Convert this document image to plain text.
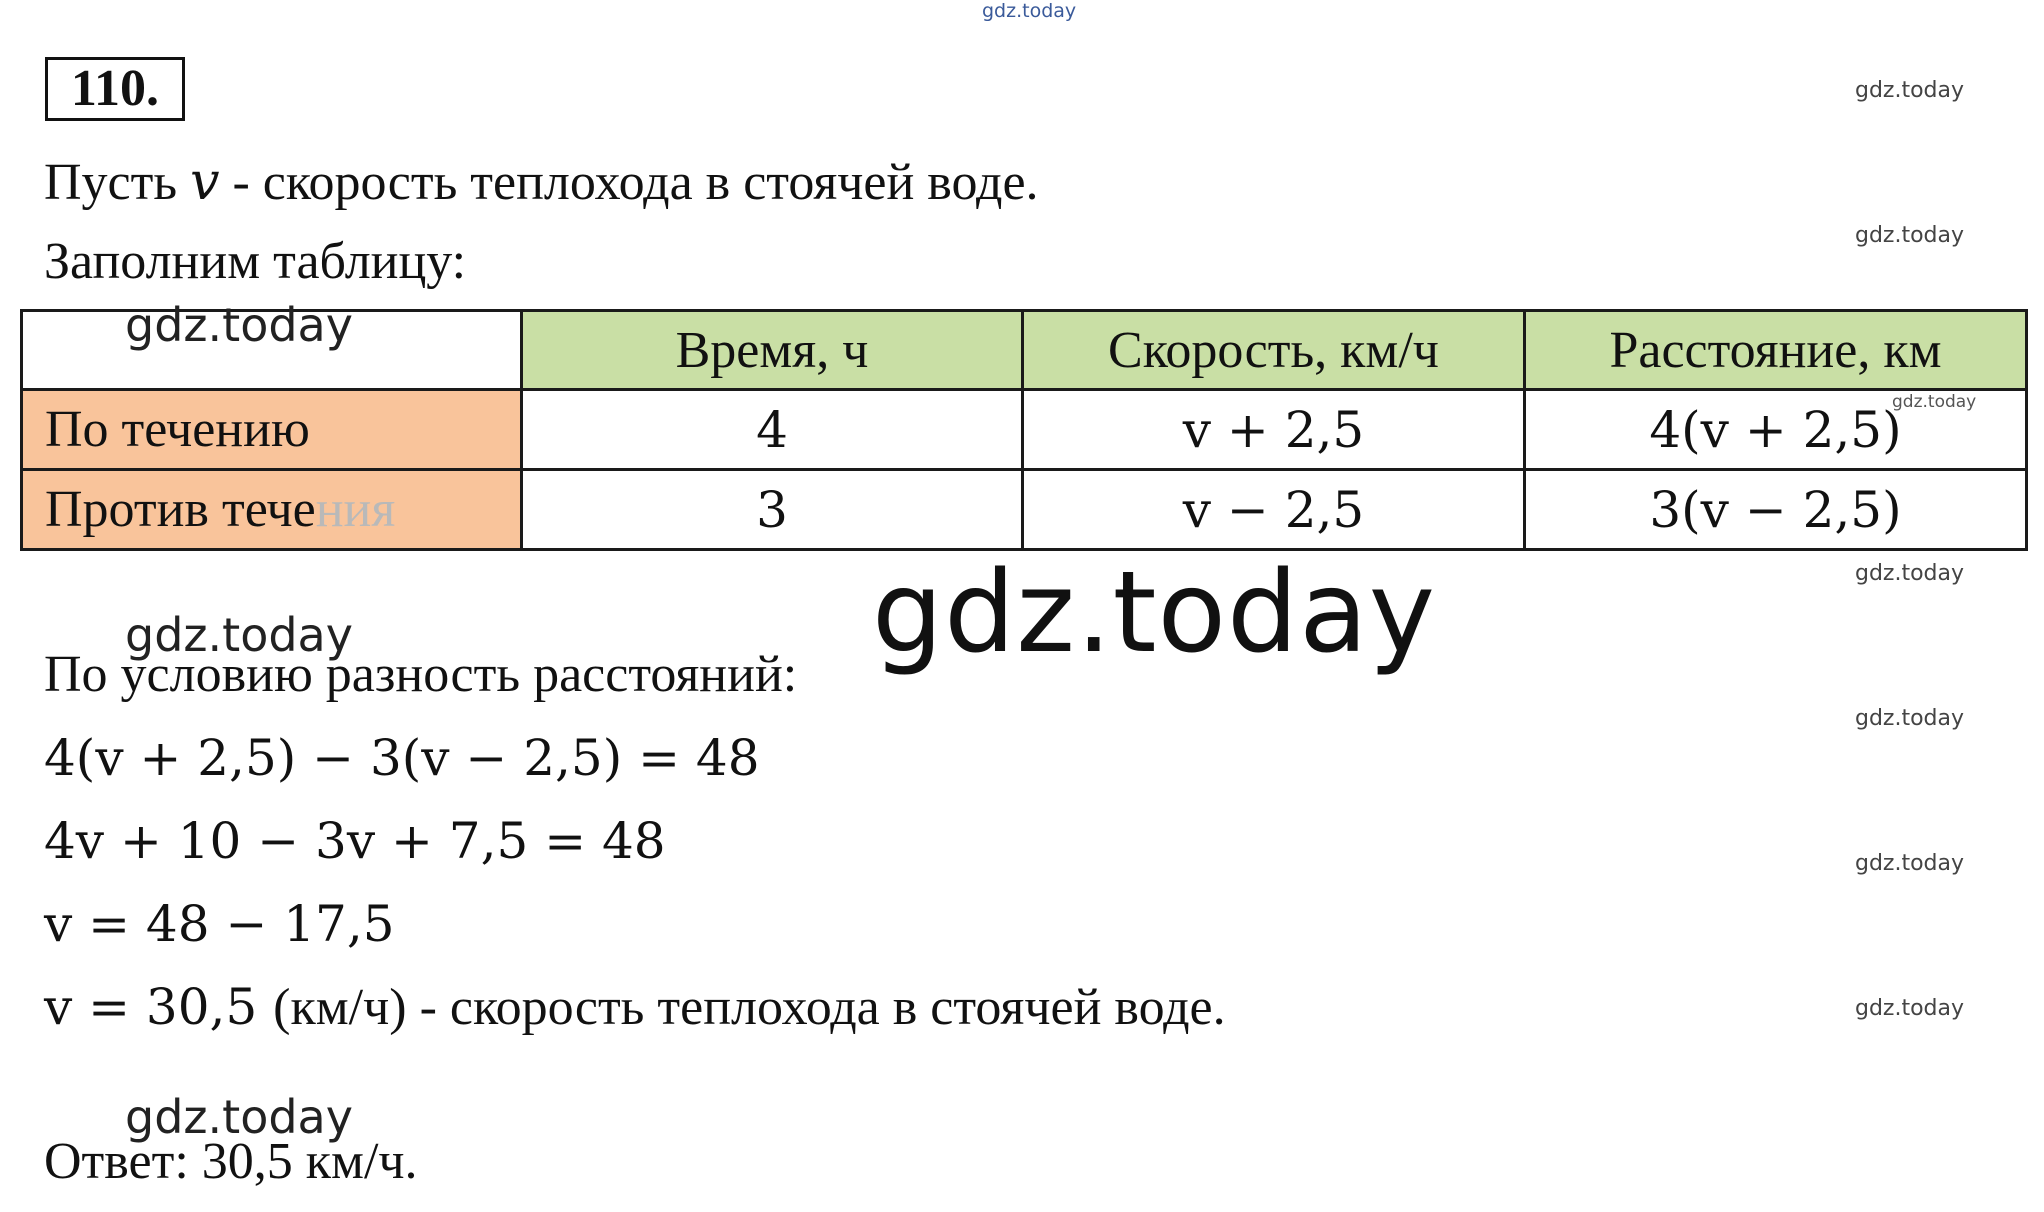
gdz.today
gdz.today
gdz.today
gdz.today
gdz.today
gdz.today
gdz.today
gdz.today
110.
Пусть v - скорость теплохода в стоячей воде.
Заполним таблицу:
	Время, ч	Скорость, км/ч	Расстояние, км
По течению	4	v + 2,5	4(v + 2,5)
Против течения	3	v − 2,5	3(v − 2,5)
gdz.today
gdz.today
gdz.today
По условию разность расстояний:
4(v + 2,5) − 3(v − 2,5) = 48
4v + 10 − 3v + 7,5 = 48
v = 48 − 17,5
v = 30,5 (км/ч) - скорость теплохода в стоячей воде.
gdz.today
Ответ: 30,5 км/ч.
